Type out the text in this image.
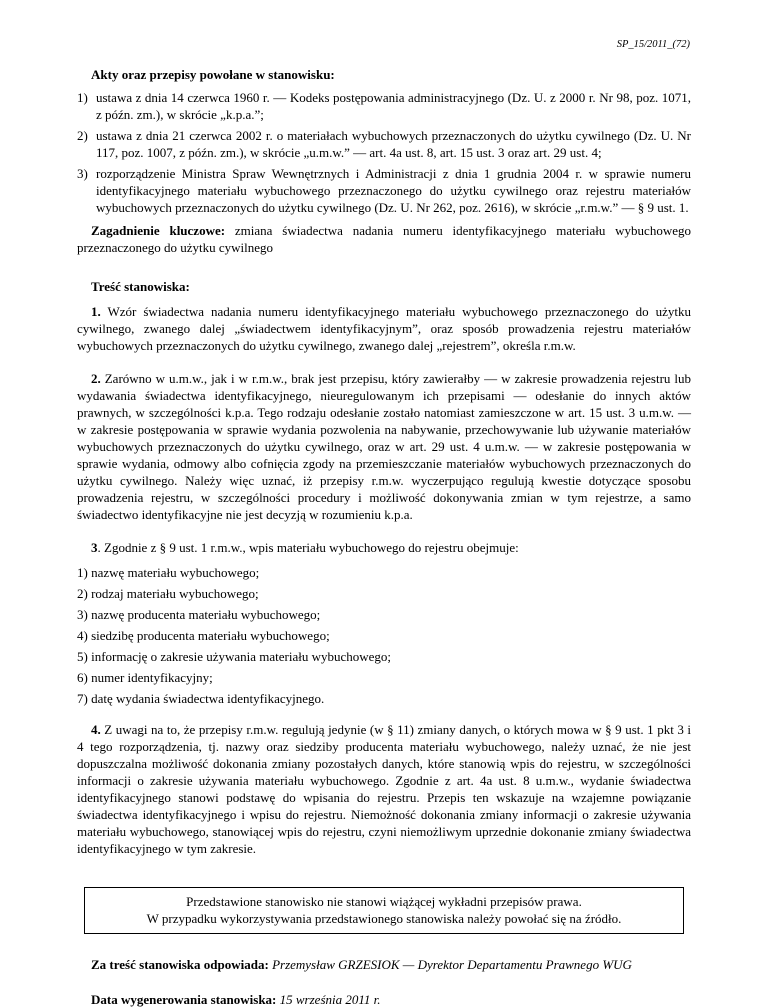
SP_15/2011_(72)
Akty oraz przepisy powołane w stanowisku:
1) ustawa z dnia 14 czerwca 1960 r. — Kodeks postępowania administracyjnego (Dz. U. z 2000 r. Nr 98, poz. 1071, z późn. zm.), w skrócie „k.p.a.”;
2) ustawa z dnia 21 czerwca 2002 r. o materiałach wybuchowych przeznaczonych do użytku cywilnego (Dz. U. Nr 117, poz. 1007, z późn. zm.), w skrócie „u.m.w.” — art. 4a ust. 8, art. 15 ust. 3 oraz art. 29 ust. 4;
3) rozporządzenie Ministra Spraw Wewnętrznych i Administracji z dnia 1 grudnia 2004 r. w sprawie numeru identyfikacyjnego materiału wybuchowego przeznaczonego do użytku cywilnego oraz rejestru materiałów wybuchowych przeznaczonych do użytku cywilnego (Dz. U. Nr 262, poz. 2616), w skrócie „r.m.w.” — § 9 ust. 1.

Zagadnienie kluczowe: zmiana świadectwa nadania numeru identyfikacyjnego materiału wybuchowego przeznaczonego do użytku cywilnego

Treść stanowiska:

1. Wzór świadectwa nadania numeru identyfikacyjnego materiału wybuchowego przeznaczonego do użytku cywilnego, zwanego dalej „świadectwem identyfikacyjnym”, oraz sposób prowadzenia rejestru materiałów wybuchowych przeznaczonych do użytku cywilnego, zwanego dalej „rejestrem”, określa r.m.w.

2. Zarówno w u.m.w., jak i w r.m.w., brak jest przepisu, który zawierałby — w zakresie prowadzenia rejestru lub wydawania świadectwa identyfikacyjnego, nieuregulowanym ich przepisami — odesłanie do innych aktów prawnych, w szczególności k.p.a. Tego rodzaju odesłanie zostało natomiast zamieszczone w art. 15 ust. 3 u.m.w. — w zakresie postępowania w sprawie wydania pozwolenia na nabywanie, przechowywanie lub używanie materiałów wybuchowych przeznaczonych do użytku cywilnego, oraz w art. 29 ust. 4 u.m.w. — w zakresie postępowania w sprawie wydania, odmowy albo cofnięcia zgody na przemieszczanie materiałów wybuchowych przeznaczonych do użytku cywilnego. Należy więc uznać, iż przepisy r.m.w. wyczerpująco regulują kwestie dotyczące sposobu prowadzenia rejestru, w szczególności procedury i możliwość dokonywania zmian w tym rejestrze, a samo świadectwo identyfikacyjne nie jest decyzją w rozumieniu k.p.a.

3. Zgodnie z § 9 ust. 1 r.m.w., wpis materiału wybuchowego do rejestru obejmuje:

1) nazwę materiału wybuchowego;
2) rodzaj materiału wybuchowego;
3) nazwę producenta materiału wybuchowego;
4) siedzibę producenta materiału wybuchowego;
5) informację o zakresie używania materiału wybuchowego;
6) numer identyfikacyjny;
7) datę wydania świadectwa identyfikacyjnego.

4. Z uwagi na to, że przepisy r.m.w. regulują jedynie (w § 11) zmiany danych, o których mowa w § 9 ust. 1 pkt 3 i 4 tego rozporządzenia, tj. nazwy oraz siedziby producenta materiału wybuchowego, należy uznać, że nie jest dopuszczalna możliwość dokonania zmiany pozostałych danych, które stanowią wpis do rejestru, w szczególności informacji o zakresie używania materiału wybuchowego. Zgodnie z art. 4a ust. 8 u.m.w., wydanie świadectwa identyfikacyjnego stanowi podstawę do wpisania do rejestru. Przepis ten wskazuje na wzajemne powiązanie świadectwa identyfikacyjnego i wpisu do rejestru. Niemożność dokonania zmiany informacji o zakresie używania materiału wybuchowego, stanowiącej wpis do rejestru, czyni niemożliwym uprzednie dokonanie zmiany świadectwa identyfikacyjnego w tym zakresie.

Przedstawione stanowisko nie stanowi wiążącej wykładni przepisów prawa.
W przypadku wykorzystywania przedstawionego stanowiska należy powołać się na źródło.

Za treść stanowiska odpowiada: Przemysław GRZESIOK — Dyrektor Departamentu Prawnego WUG

Data wygenerowania stanowiska: 15 września 2011 r.
